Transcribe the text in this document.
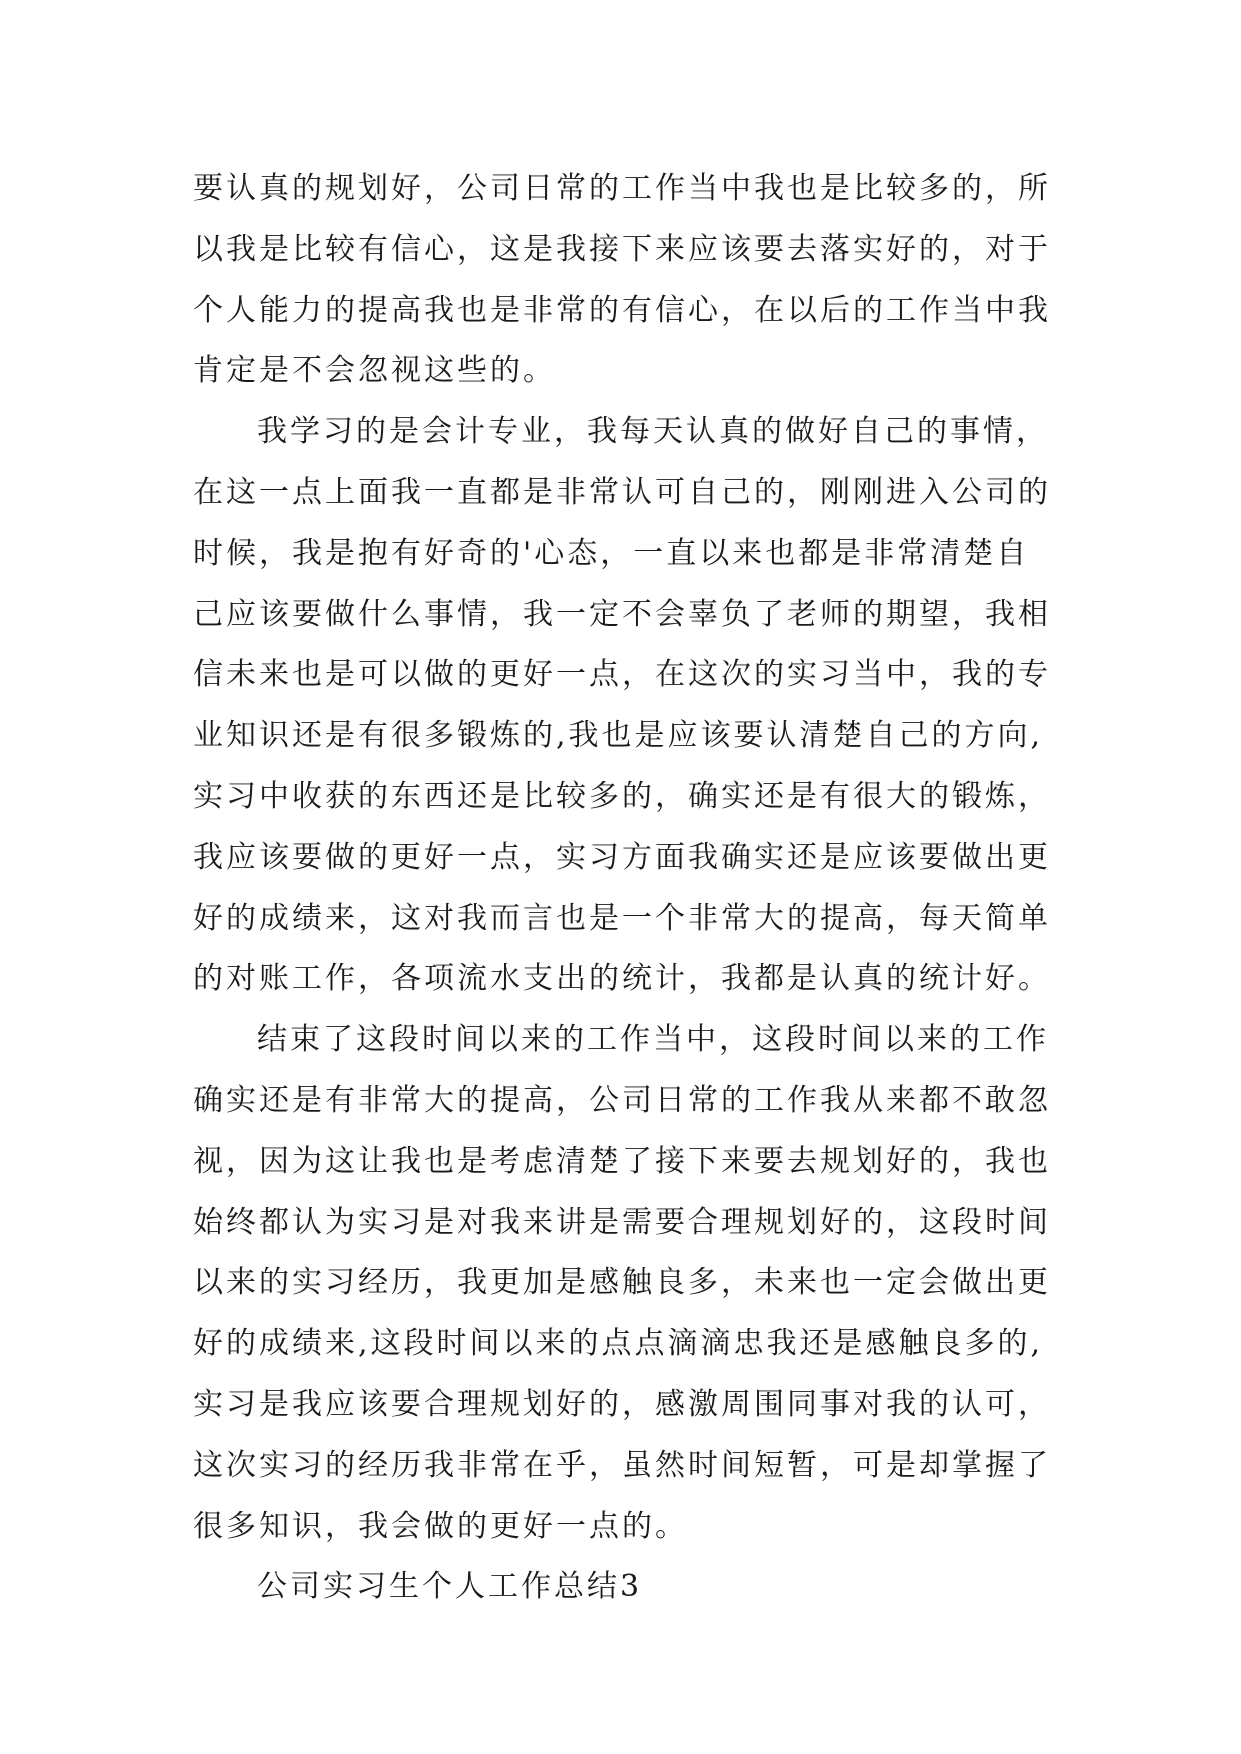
要认真的规划好，公司日常的工作当中我也是比较多的，所
以我是比较有信心，这是我接下来应该要去落实好的，对于
个人能力的提高我也是非常的有信心，在以后的工作当中我
肯定是不会忽视这些的。
我学习的是会计专业，我每天认真的做好自己的事情，
在这一点上面我一直都是非常认可自己的，刚刚进入公司的
时候，我是抱有好奇的'心态，一直以来也都是非常清楚自
己应该要做什么事情，我一定不会辜负了老师的期望，我相
信未来也是可以做的更好一点，在这次的实习当中，我的专
业知识还是有很多锻炼的,我也是应该要认清楚自己的方向,
实习中收获的东西还是比较多的，确实还是有很大的锻炼，
我应该要做的更好一点，实习方面我确实还是应该要做出更
好的成绩来，这对我而言也是一个非常大的提高，每天简单
的对账工作，各项流水支出的统计，我都是认真的统计好。
结束了这段时间以来的工作当中，这段时间以来的工作
确实还是有非常大的提高，公司日常的工作我从来都不敢忽
视，因为这让我也是考虑清楚了接下来要去规划好的，我也
始终都认为实习是对我来讲是需要合理规划好的，这段时间
以来的实习经历，我更加是感触良多，未来也一定会做出更
好的成绩来,这段时间以来的点点滴滴忠我还是感触良多的,
实习是我应该要合理规划好的，感激周围同事对我的认可，
这次实习的经历我非常在乎，虽然时间短暂，可是却掌握了
很多知识，我会做的更好一点的。
公司实习生个人工作总结3
